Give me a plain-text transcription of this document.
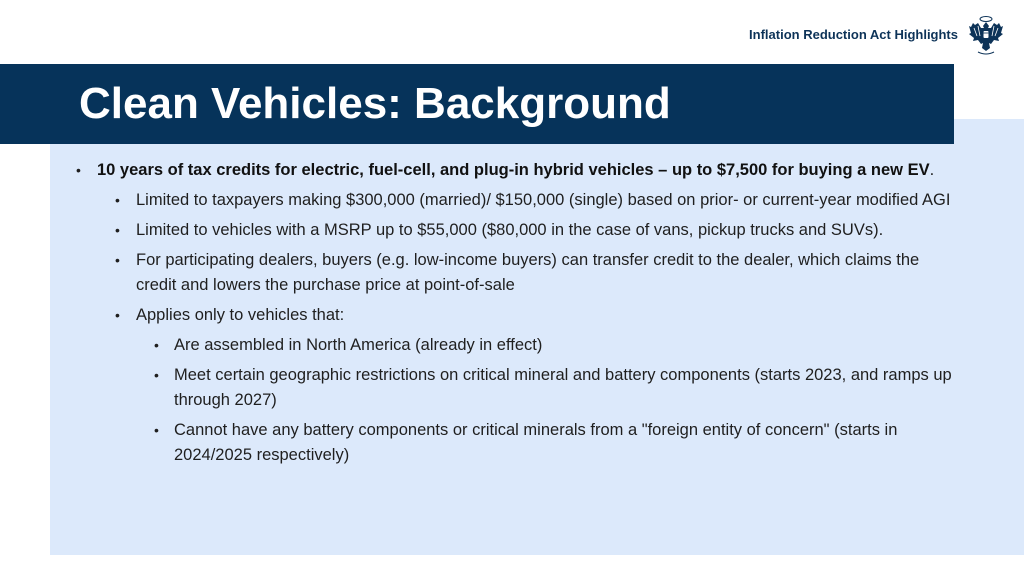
Inflation Reduction Act Highlights
Clean Vehicles: Background
• 10 years of tax credits for electric, fuel-cell, and plug-in hybrid vehicles – up to $7,500 for buying a new EV.
• Limited to taxpayers making $300,000 (married)/ $150,000 (single) based on prior- or current-year modified AGI
• Limited to vehicles with a MSRP up to $55,000 ($80,000 in the case of vans, pickup trucks and SUVs).
• For participating dealers, buyers (e.g. low-income buyers) can transfer credit to the dealer, which claims the credit and lowers the purchase price at point-of-sale
• Applies only to vehicles that:
• Are assembled in North America (already in effect)
• Meet certain geographic restrictions on critical mineral and battery components (starts 2023, and ramps up through 2027)
• Cannot have any battery components or critical minerals from a "foreign entity of concern" (starts in 2024/2025 respectively)
